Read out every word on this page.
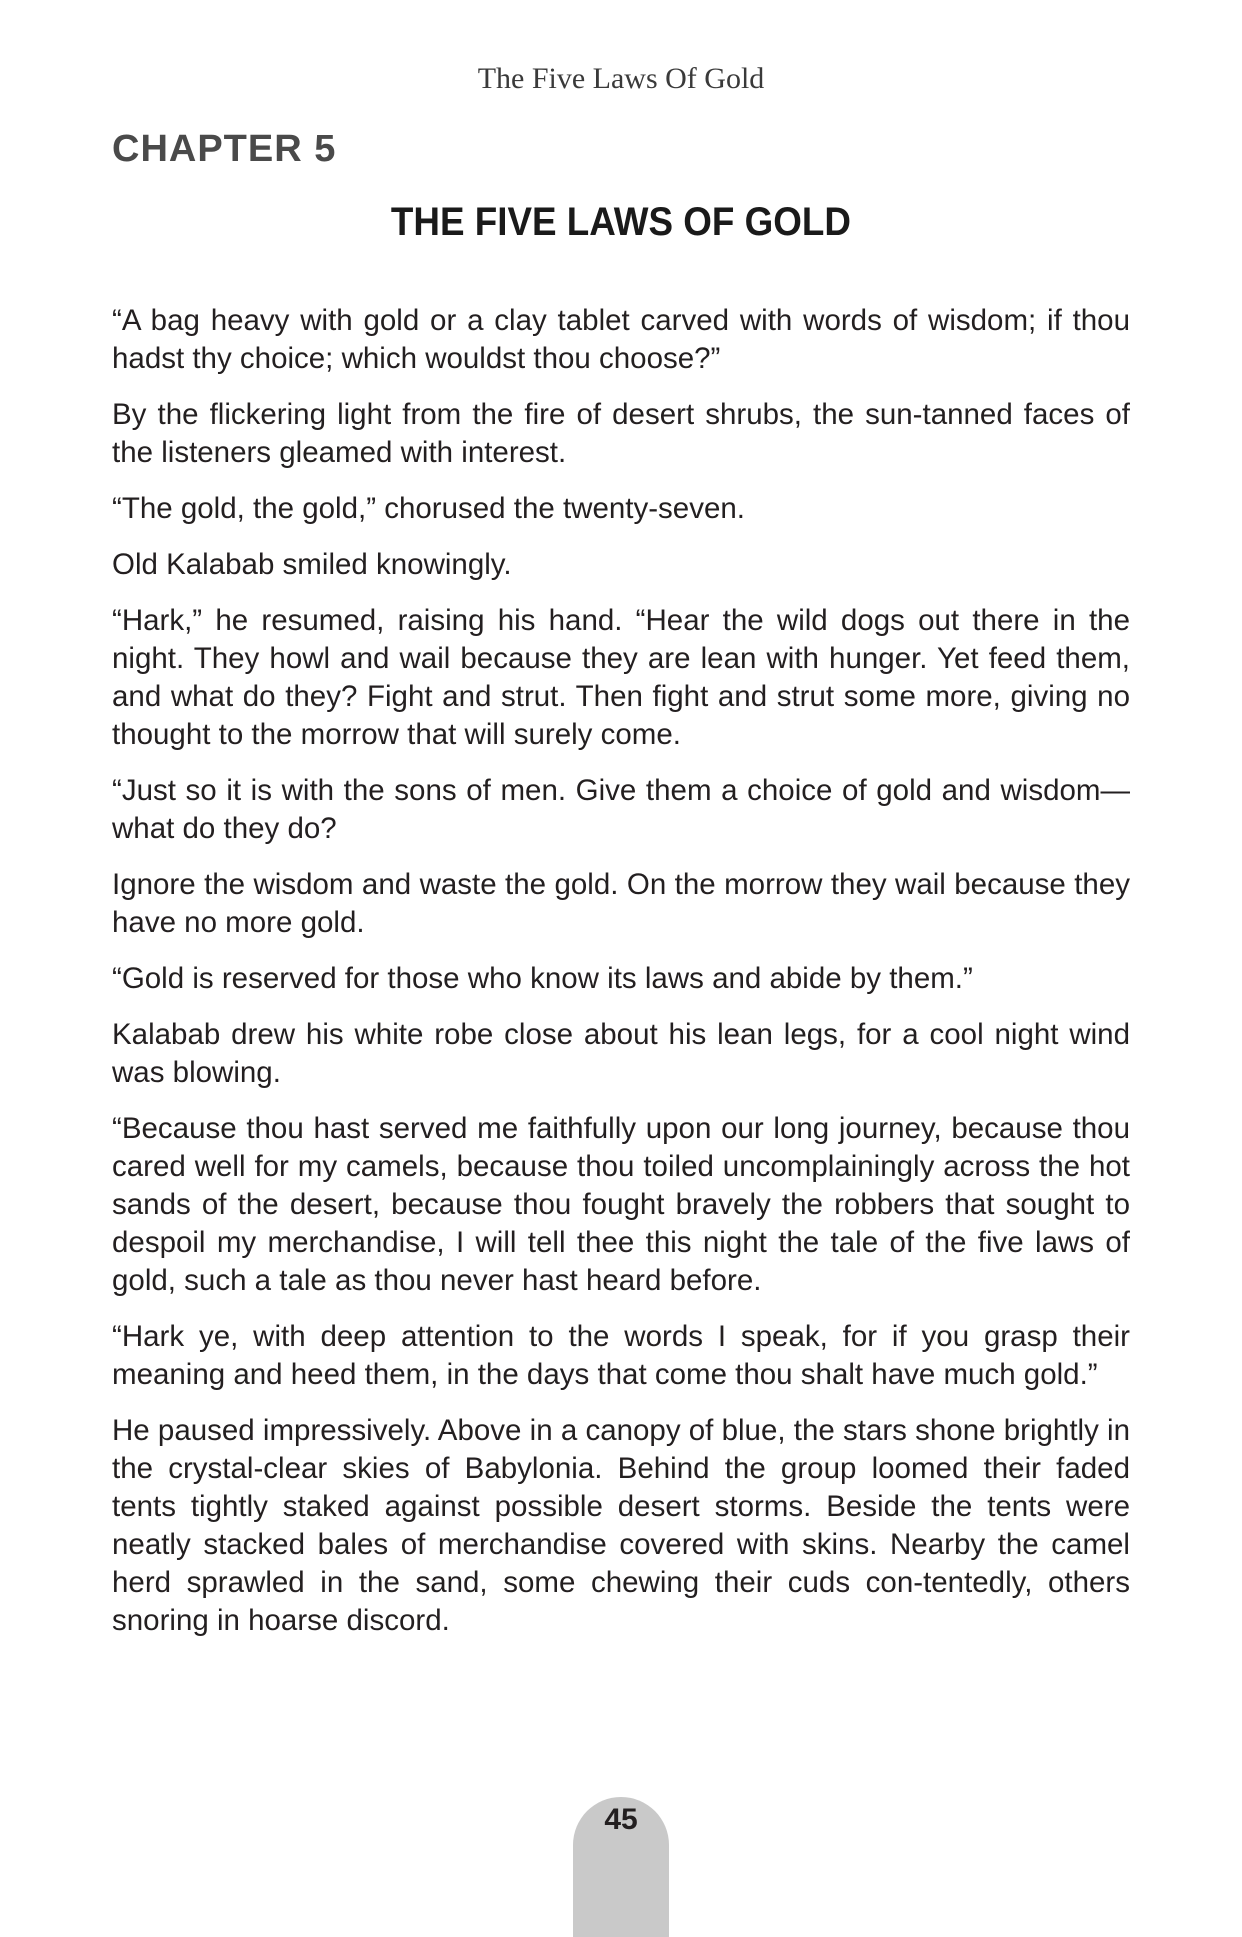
The Five Laws Of Gold

CHAPTER 5
THE FIVE LAWS OF GOLD

“A bag heavy with gold or a clay tablet carved with words of wisdom; if thou hadst thy choice; which wouldst thou choose?”

By the flickering light from the fire of desert shrubs, the sun-tanned faces of the listeners gleamed with interest.

“The gold, the gold,” chorused the twenty-seven.

Old Kalabab smiled knowingly.

“Hark,” he resumed, raising his hand. “Hear the wild dogs out there in the night. They howl and wail because they are lean with hunger. Yet feed them, and what do they? Fight and strut. Then fight and strut some more, giving no thought to the morrow that will surely come.

“Just so it is with the sons of men. Give them a choice of gold and wisdom—what do they do?

Ignore the wisdom and waste the gold. On the morrow they wail because they have no more gold.

“Gold is reserved for those who know its laws and abide by them.”

Kalabab drew his white robe close about his lean legs, for a cool night wind was blowing.

“Because thou hast served me faithfully upon our long journey, because thou cared well for my camels, because thou toiled uncomplainingly across the hot sands of the desert, because thou fought bravely the robbers that sought to despoil my merchandise, I will tell thee this night the tale of the five laws of gold, such a tale as thou never hast heard before.

“Hark ye, with deep attention to the words I speak, for if you grasp their meaning and heed them, in the days that come thou shalt have much gold.”

He paused impressively. Above in a canopy of blue, the stars shone brightly in the crystal-clear skies of Babylonia. Behind the group loomed their faded tents tightly staked against possible desert storms. Beside the tents were neatly stacked bales of merchandise covered with skins. Nearby the camel herd sprawled in the sand, some chewing their cuds con-tentedly, others snoring in hoarse discord.

45
